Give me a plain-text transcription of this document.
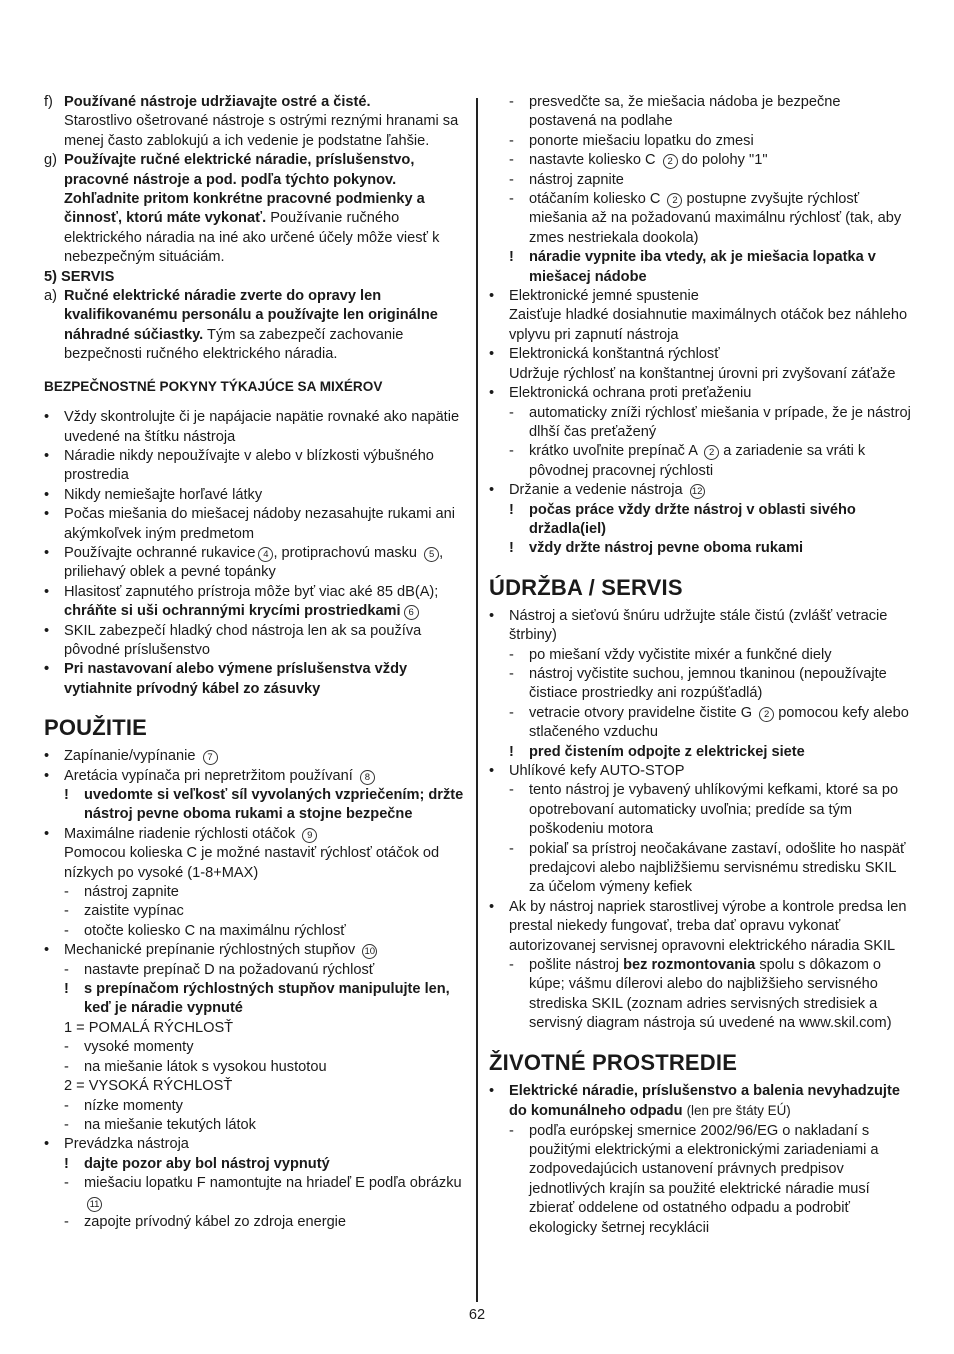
f) Používané nástroje udržiavajte ostré a čisté.
Starostlivo ošetrované nástroje s ostrými reznými hranami sa menej často zablokujú a ich vedenie je podstatne ľahšie.
g) Používajte ručné elektrické náradie, príslušenstvo, pracovné nástroje a pod. podľa týchto pokynov. Zohľadnite pritom konkrétne pracovné podmienky a činnosť, ktorú máte vykonať. Používanie ručného elektrického náradia na iné ako určené účely môže viesť k nebezpečným situáciám.
5) SERVIS
a) Ručné elektrické náradie zverte do opravy len kvalifikovanému personálu a používajte len originálne náhradné súčiastky. Tým sa zabezpečí zachovanie bezpečnosti ručného elektrického náradia.
BEZPEČNOSTNÉ POKYNY TÝKAJÚCE SA MIXÉROV
•	Vždy skontrolujte či je napájacie napätie rovnaké ako napätie uvedené na štítku nástroja
•	Náradie nikdy nepoužívajte v alebo v blízkosti výbušného prostredia
•	Nikdy nemiešajte horľavé látky
•	Počas miešania do miešacej nádoby nezasahujte rukami ani akýmkoľvek iným predmetom
•	Používajte ochranné rukavice 4 , protiprachovú masku 5 , priliehavý oblek a pevné topánky
•	Hlasitosť zapnutého prístroja môže byť viac aké 85 dB(A); chráňte si uši ochrannými krycími prostriedkami 6
•	SKIL zabezpečí hladký chod nástroja len ak sa používa pôvodné príslušenstvo
•	Pri nastavovaní alebo výmene príslušenstva vždy vytiahnite prívodný kábel zo zásuvky
POUŽITIE
•	Zapínanie/vypínanie 7
•	Aretácia vypínača pri nepretržitom používaní 8
!	uvedomte si veľkosť síl vyvolaných vzpriečením; držte nástroj pevne oboma rukami a stojne bezpečne
•	Maximálne riadenie rýchlosti otáčok 9
Pomocou kolieska C je možné nastaviť rýchlosť otáčok od nízkych po vysoké (1-8+MAX)
-	nástroj zapnite
-	zaistite vypínac
-	otočte koliesko C na maximálnu rýchlosť
•	Mechanické prepínanie rýchlostných stupňov 10
-	nastavte prepínač D na požadovanú rýchlosť
!	s prepínačom rýchlostných stupňov manipulujte len, keď je náradie vypnuté
1 = POMALÁ RÝCHLOSŤ
-	vysoké momenty
-	na miešanie látok s vysokou hustotou
2 = VYSOKÁ RÝCHLOSŤ
-	nízke momenty
-	na miešanie tekutých látok
•	Prevádzka nástroja
!	dajte pozor aby bol nástroj vypnutý
-	miešaciu lopatku F namontujte na hriadeľ E podľa obrázku 11
-	zapojte prívodný kábel zo zdroja energie
-	presvedčte sa, že miešacia nádoba je bezpečne postavená na podlahe
-	ponorte miešaciu lopatku do zmesi
-	nastavte koliesko C 2 do polohy "1"
-	nástroj zapnite
-	otáčaním koliesko C 2 postupne zvyšujte rýchlosť miešania až na požadovanú maximálnu rýchlosť (tak, aby zmes nestriekala dookola)
!	náradie vypnite iba vtedy, ak je miešacia lopatka v miešacej nádobe
•	Elektronické jemné spustenie
Zaisťuje hladké dosiahnutie maximálnych otáčok bez náhleho vplyvu pri zapnutí nástroja
•	Elektronická konštantná rýchlosť
Udržuje rýchlosť na konštantnej úrovni pri zvyšovaní záťaže
•	Elektronická ochrana proti preťaženiu
-	automaticky zníži rýchlosť miešania v prípade, že je nástroj dlhší čas preťažený
-	krátko uvoľnite prepínač A 2 a zariadenie sa vráti k pôvodnej pracovnej rýchlosti
•	Držanie a vedenie nástroja 12
!	počas práce vždy držte nástroj v oblasti sivého držadla(iel)
!	vždy držte nástroj pevne oboma rukami
ÚDRŽBA / SERVIS
•	Nástroj a sieťovú šnúru udržujte stále čistú (zvlášť vetracie štrbiny)
-	po miešaní vždy vyčistite mixér a funkčné diely
-	nástroj vyčistite suchou, jemnou tkaninou (nepoužívajte čistiace prostriedky ani rozpúšťadlá)
-	vetracie otvory pravidelne čistite G 2 pomocou kefy alebo stlačeného vzduchu
!	pred čistením odpojte z elektrickej siete
•	Uhlíkové kefy AUTO-STOP
-	tento nástroj je vybavený uhlíkovými kefkami, ktoré sa po opotrebovaní automaticky uvoľnia; predíde sa tým poškodeniu motora
-	pokiaľ sa prístroj neočakávane zastaví, odošlite ho naspäť predajcovi alebo najbližšiemu servisnému stredisku SKIL za účelom výmeny kefiek
•	Ak by nástroj napriek starostlivej výrobe a kontrole predsa len prestal niekedy fungovať, treba dať opravu vykonať autorizovanej servisnej opravovni elektrického náradia SKIL
-	pošlite nástroj bez rozmontovania spolu s dôkazom o kúpe; vášmu dílerovi alebo do najbližšieho servisného strediska SKIL (zoznam adries servisných stredisiek a servisný diagram nástroja sú uvedené na www.skil.com)
ŽIVOTNÉ PROSTREDIE
•	Elektrické náradie, príslušenstvo a balenia nevyhadzujte do komunálneho odpadu (len pre štáty EÚ)
-	podľa európskej smernice 2002/96/EG o nakladaní s použitými elektrickými a elektronickými zariadeniami a zodpovedajúcich ustanovení právnych predpisov jednotlivých krajín sa použité elektrické náradie musí zbierať oddelene od ostatného odpadu a podrobiť ekologicky šetrnej recyklácii
62
